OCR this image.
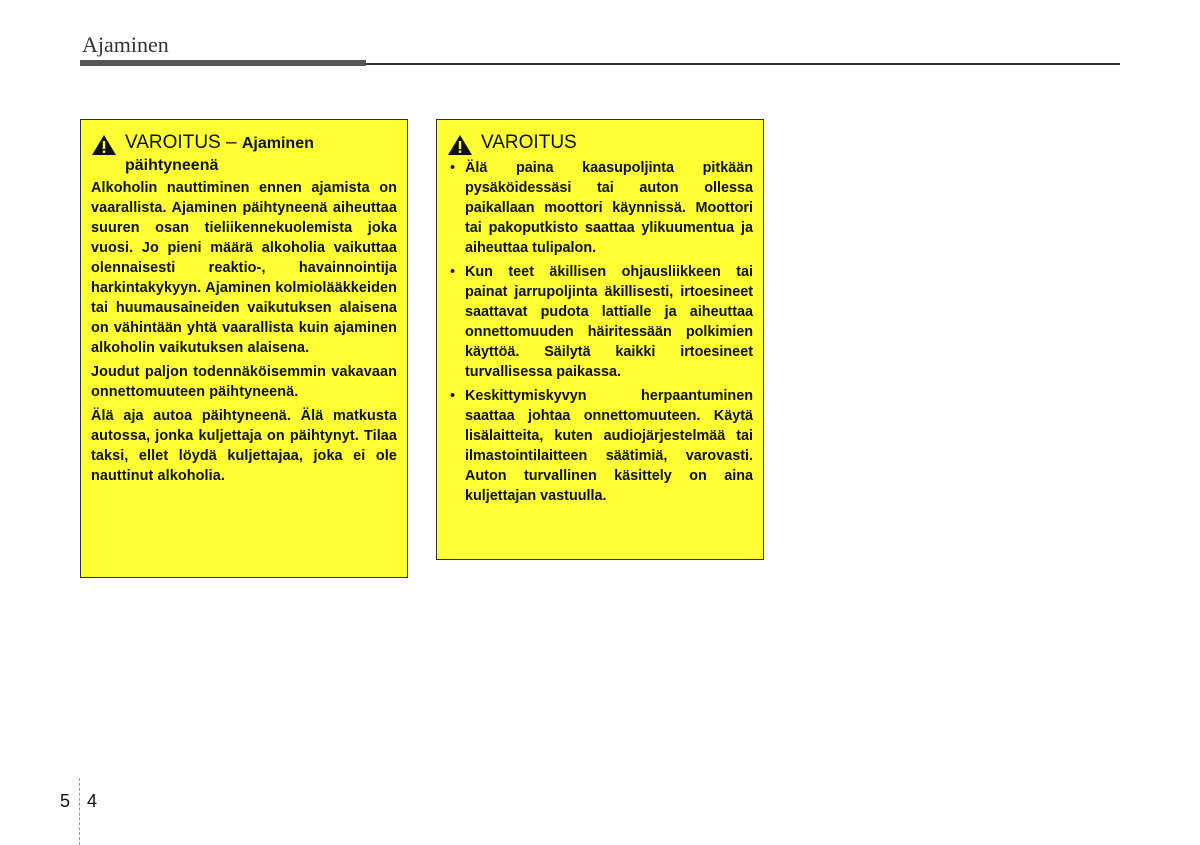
Ajaminen
VAROITUS – Ajaminen päihtyneenä

Alkoholin nauttiminen ennen ajamista on vaarallista. Ajaminen päihtyneenä aiheuttaa suuren osan tieliikennekuolemista joka vuosi. Jo pieni määrä alkoholia vaikuttaa olennaisesti reaktio-, havainnointija harkintakykyyn. Ajaminen kolmiolääkkeiden tai huumausaineiden vaikutuksen alaisena on vähintään yhtä vaarallista kuin ajaminen alkoholin vaikutuksen alaisena.

Joudut paljon todennäköisemmin vakavaan onnettomuuteen päihtyneenä.

Älä aja autoa päihtyneenä. Älä matkusta autossa, jonka kuljettaja on päihtynyt. Tilaa taksi, ellet löydä kuljettajaa, joka ei ole nauttinut alkoholia.

VAROITUS
• Älä paina kaasupoljinta pitkään pysäköidessäsi tai auton ollessa paikallaan moottori käynnissä. Moottori tai pakoputkisto saattaa ylikuumentua ja aiheuttaa tulipalon.
• Kun teet äkillisen ohjausliikkeen tai painat jarrupoljinta äkillisesti, irtoesineet saattavat pudota lattialle ja aiheuttaa onnettomuuden häiritessään polkimien käyttöä. Säilytä kaikki irtoesineet turvallisessa paikassa.
• Keskittymiskyvyn herpaantuminen saattaa johtaa onnettomuuteen. Käytä lisälaitteita, kuten audiojärjestelmää tai ilmastointilaitteen säätimiä, varovasti. Auton turvallinen käsittely on aina kuljettajan vastuulla.
5 4
